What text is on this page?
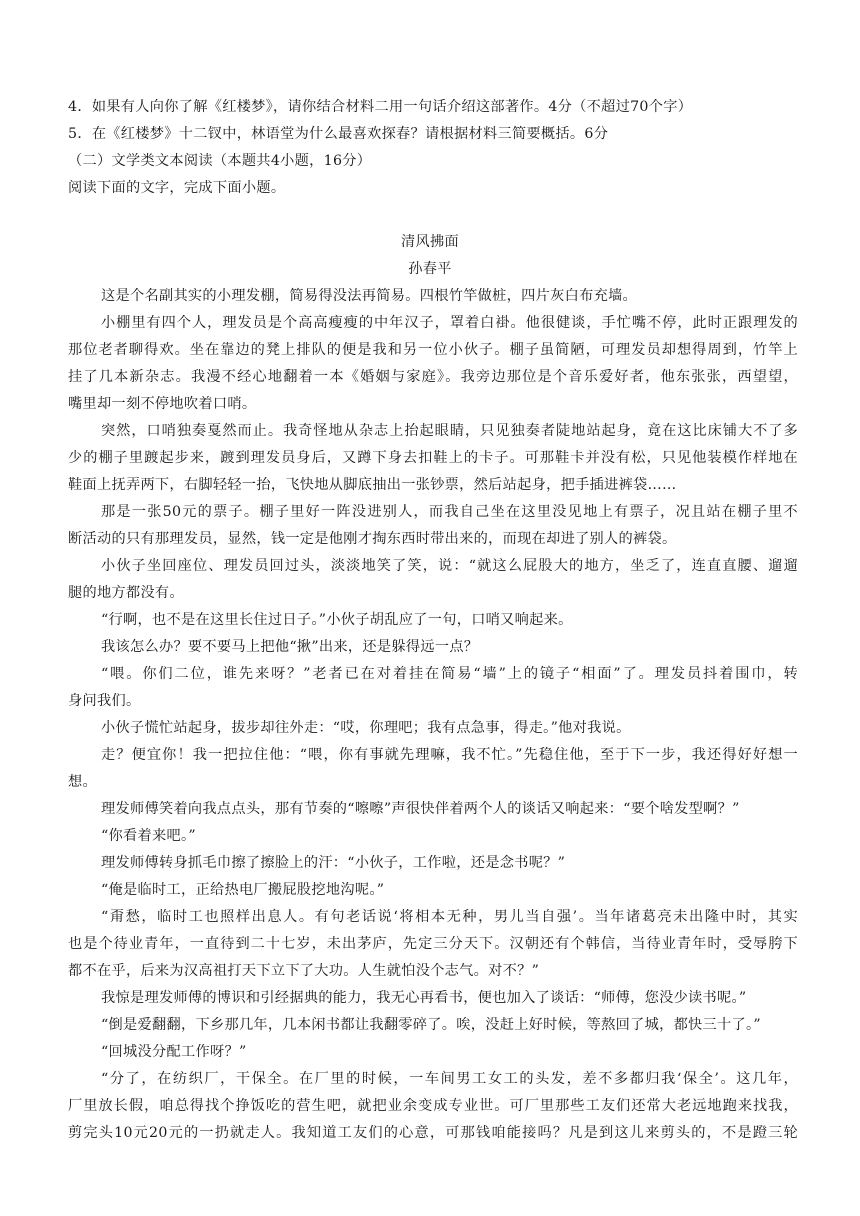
4．如果有人向你了解《红楼梦》，请你结合材料二用一句话介绍这部著作。4分（不超过70个字）
5．在《红楼梦》十二钗中，林语堂为什么最喜欢探春？请根据材料三简要概括。6分
（二）文学类文本阅读（本题共4小题，16分）
阅读下面的文字，完成下面小题。
清风拂面
孙春平
这是个名副其实的小理发棚，简易得没法再简易。四根竹竿做桩，四片灰白布充墙。
小棚里有四个人，理发员是个高高瘦瘦的中年汉子，罩着白褂。他很健谈，手忙嘴不停，此时正跟理发的
那位老者聊得欢。坐在靠边的凳上排队的便是我和另一位小伙子。棚子虽简陋，可理发员却想得周到，竹竿上
挂了几本新杂志。我漫不经心地翻着一本《婚姻与家庭》。我旁边那位是个音乐爱好者，他东张张，西望望，
嘴里却一刻不停地吹着口哨。
突然，口哨独奏戛然而止。我奇怪地从杂志上抬起眼睛，只见独奏者陡地站起身，竟在这比床铺大不了多
少的棚子里踱起步来，踱到理发员身后，又蹲下身去扣鞋上的卡子。可那鞋卡并没有松，只见他装模作样地在
鞋面上抚弄两下，右脚轻轻一抬，飞快地从脚底抽出一张钞票，然后站起身，把手插进裤袋……
那是一张50元的票子。棚子里好一阵没进别人，而我自己坐在这里没见地上有票子，况且站在棚子里不
断活动的只有那理发员，显然，钱一定是他刚才掏东西时带出来的，而现在却进了别人的裤袋。
小伙子坐回座位、理发员回过头，淡淡地笑了笑，说：“就这么屁股大的地方，坐乏了，连直直腰、遛遛
腿的地方都没有。
“行啊，也不是在这里长住过日子。”小伙子胡乱应了一句，口哨又响起来。
我该怎么办？要不要马上把他“揪”出来，还是躲得远一点？
“喂。你们二位，谁先来呀？”老者已在对着挂在简易“墙”上的镜子“相面”了。理发员抖着围巾，转
身问我们。
小伙子慌忙站起身，拔步却往外走：“哎，你理吧；我有点急事，得走。”他对我说。
走？便宜你！我一把拉住他：“喂，你有事就先理嘛，我不忙。”先稳住他，至于下一步，我还得好好想一
想。
理发师傅笑着向我点点头，那有节奏的“嚓嚓”声很快伴着两个人的谈话又响起来：“要个啥发型啊？”
“你看着来吧。”
理发师傅转身抓毛巾擦了擦脸上的汗：“小伙子，工作啦，还是念书呢？”
“俺是临时工，正给热电厂搬屁股挖地沟呢。”
“甭愁，临时工也照样出息人。有句老话说‘将相本无种，男儿当自强’。当年诸葛亮未出隆中时，其实
也是个待业青年，一直待到二十七岁，未出茅庐，先定三分天下。汉朝还有个韩信，当待业青年时，受辱胯下
都不在乎，后来为汉高祖打天下立下了大功。人生就怕没个志气。对不？”
我惊是理发师傅的博识和引经据典的能力，我无心再看书，便也加入了谈话：“师傅，您没少读书呢。”
“倒是爱翻翻，下乡那几年，几本闲书都让我翻零碎了。唉，没赶上好时候，等熬回了城，都快三十了。”
“回城没分配工作呀？”
“分了，在纺织厂，干保全。在厂里的时候，一车间男工女工的头发，差不多都归我‘保全’。这几年，
厂里放长假，咱总得找个挣饭吃的营生吧，就把业余变成专业世。可厂里那些工友们还常大老远地跑来找我，
剪完头10元20元的一扔就走人。我知道工友们的心意，可那钱咱能接吗？凡是到这儿来剪头的，不是蹬三轮
